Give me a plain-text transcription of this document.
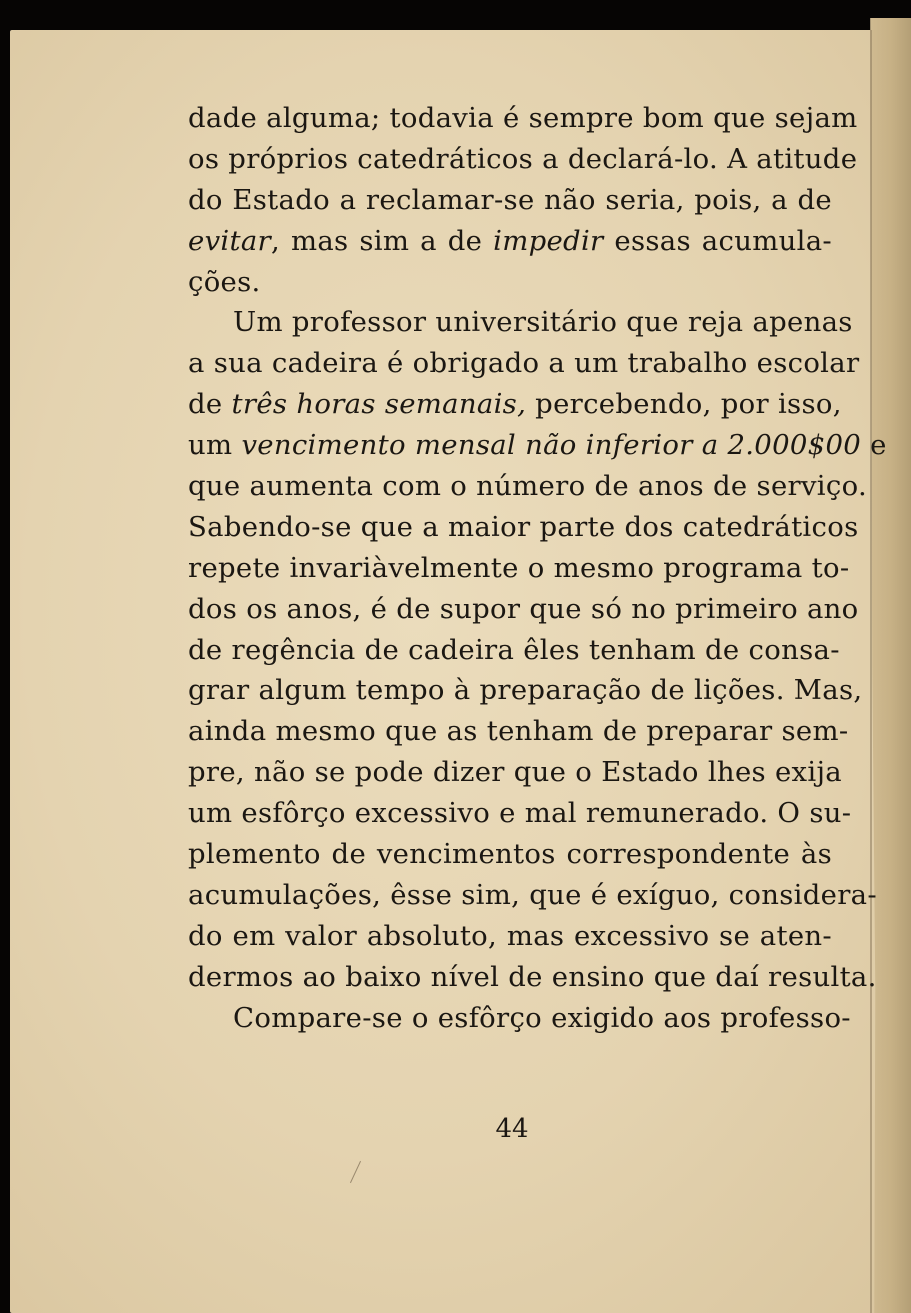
dade alguma; todavia é sempre bom que sejam
os próprios catedráticos a declará-lo. A atitude
do Estado a reclamar-se não seria, pois, a de
evitar, mas sim a de impedir essas acumula-
ções.
Um professor universitário que reja apenas
a sua cadeira é obrigado a um trabalho escolar
de três horas semanais, percebendo, por isso,
um vencimento mensal não inferior a 2.000$00 e
que aumenta com o número de anos de serviço.
Sabendo-se que a maior parte dos catedráticos
repete invariàvelmente o mesmo programa to-
dos os anos, é de supor que só no primeiro ano
de regência de cadeira êles tenham de consa-
grar algum tempo à preparação de lições. Mas,
ainda mesmo que as tenham de preparar sem-
pre, não se pode dizer que o Estado lhes exija
um esfôrço excessivo e mal remunerado. O su-
plemento de vencimentos correspondente às
acumulações, êsse sim, que é exíguo, considera-
do em valor absoluto, mas excessivo se aten-
dermos ao baixo nível de ensino que daí resulta.
Compare-se o esfôrço exigido aos professo-
44
